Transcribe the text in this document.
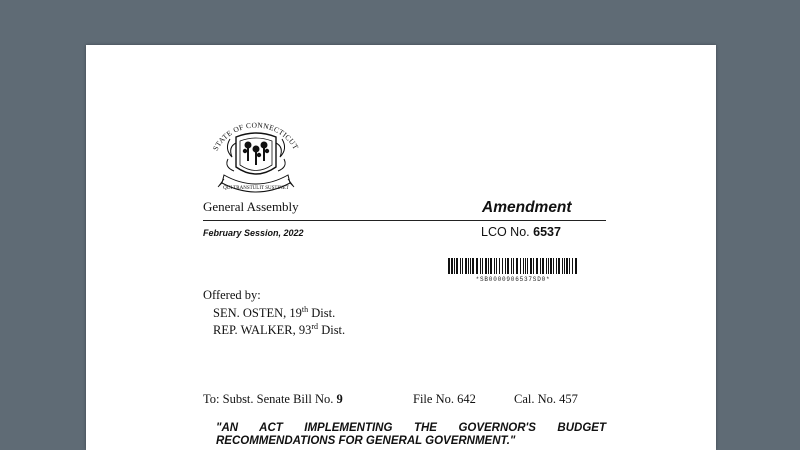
STATE OF CONNECTICUT
QUI TRANSTULIT SUSTINET
General Assembly	Amendment
February Session, 2022	LCO No. 6537
*SB0000906537SD0*
Offered by:
SEN. OSTEN, 19th Dist.
REP. WALKER, 93rd Dist.
To: Subst. Senate Bill No. 9	File No. 642	Cal. No. 457
"AN ACT IMPLEMENTING THE GOVERNOR'S BUDGET RECOMMENDATIONS FOR GENERAL GOVERNMENT."
